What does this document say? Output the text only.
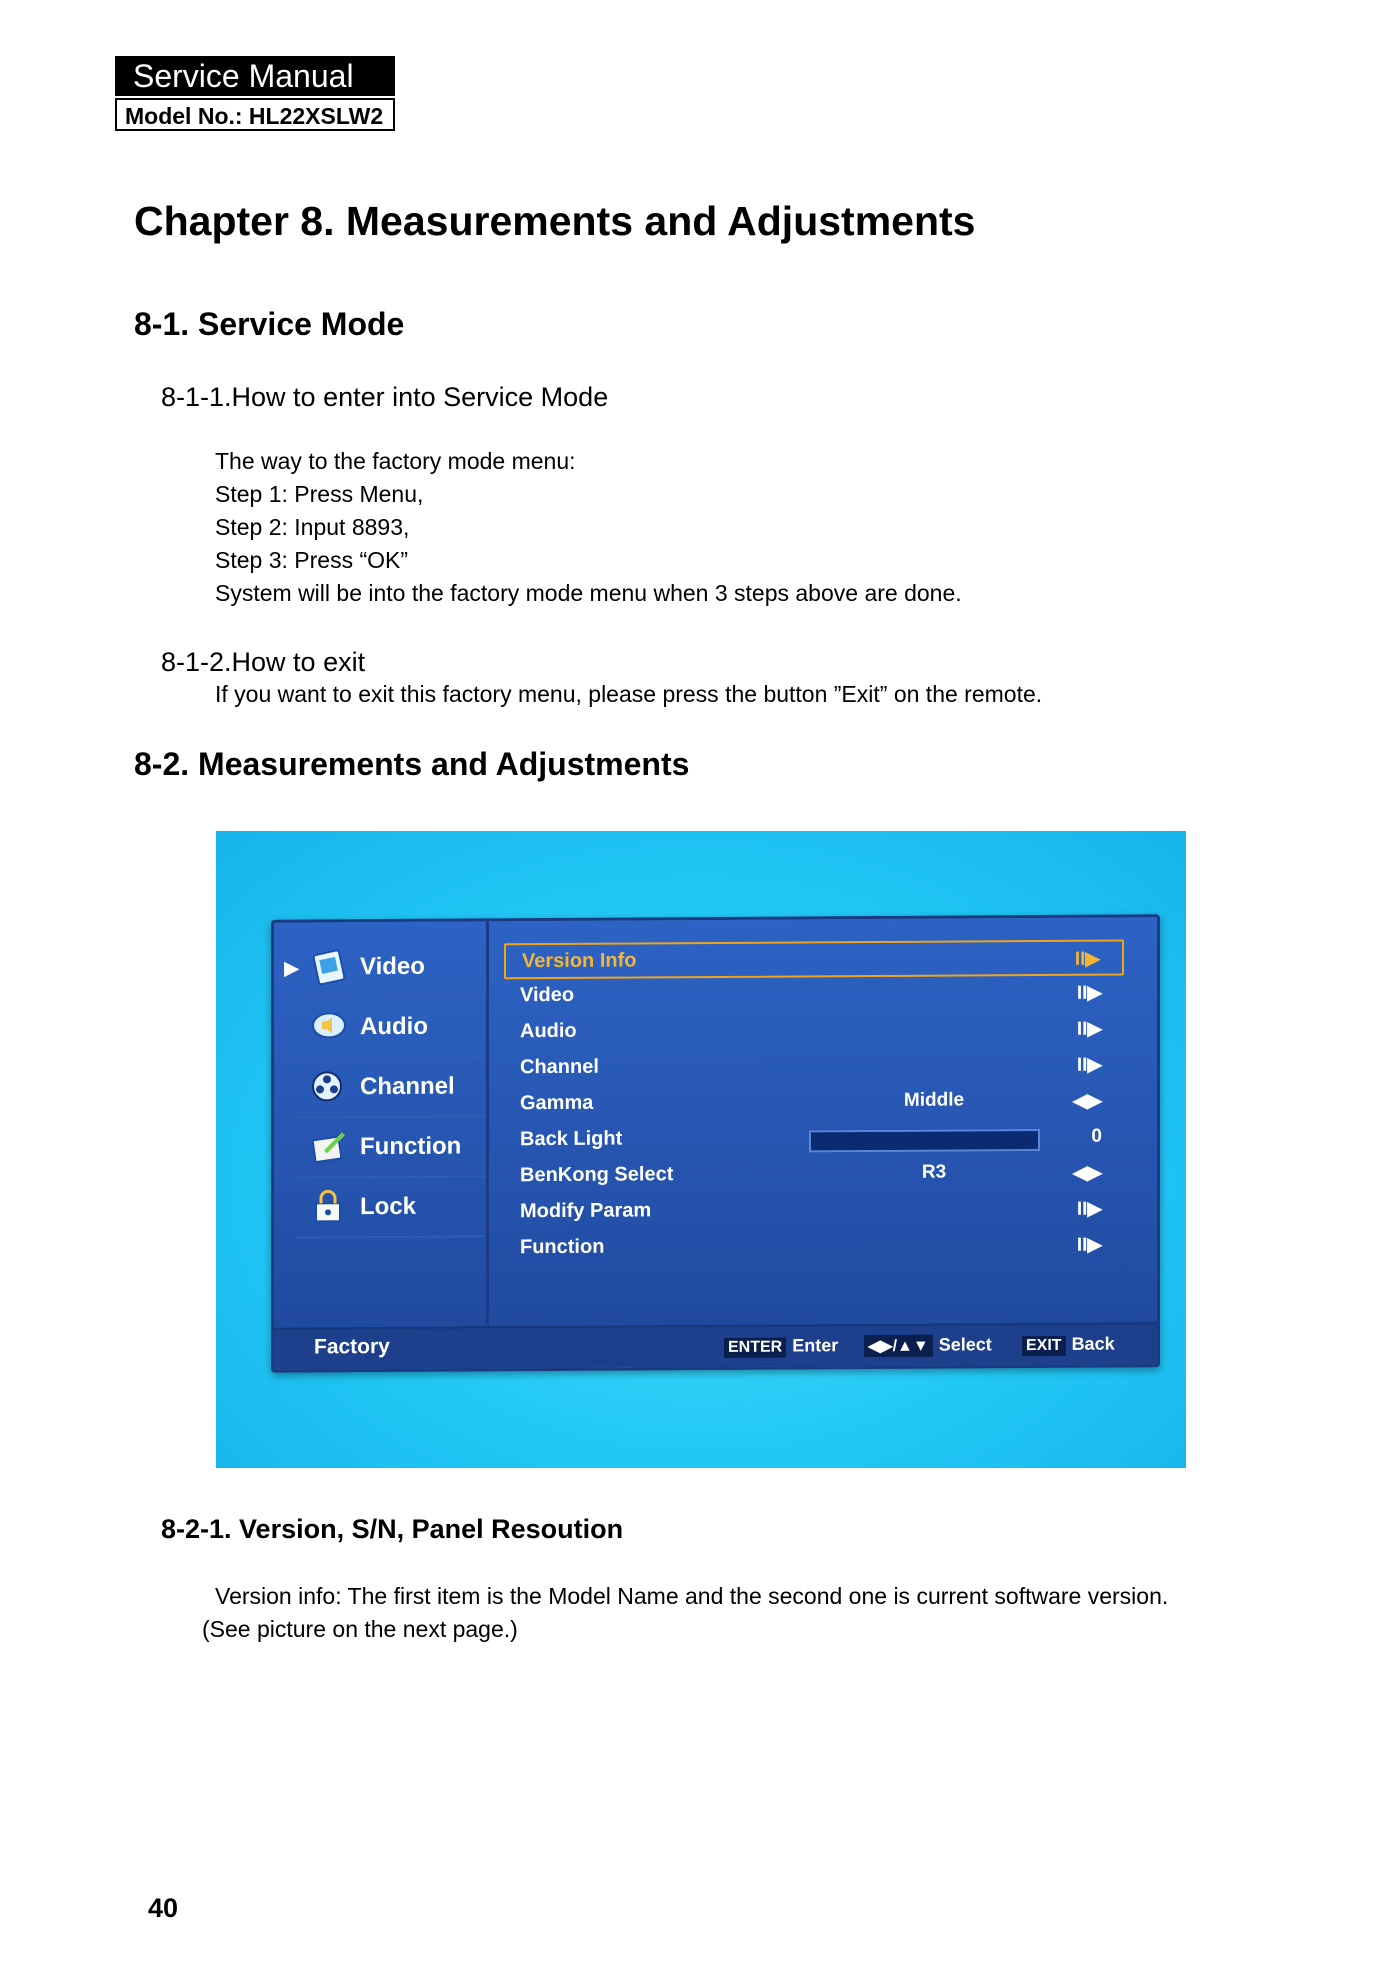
Service Manual
Model No.: HL22XSLW2
Chapter 8. Measurements and Adjustments
8-1. Service Mode
8-1-1.How to enter into Service Mode
The way to the factory mode menu:
Step 1: Press Menu,
Step 2: Input 8893,
Step 3: Press “OK”
System will be into the factory mode menu when 3 steps above are done.
8-1-2.How to exit
If you want to exit this factory menu, please press the button ”Exit” on the remote.
8-2. Measurements and Adjustments
▶	Video
Audio
Channel
Function
Lock
Version Info	II▶
Video	II▶
Audio	II▶
Channel	II▶
Gamma	Middle	◀▶
Back Light	0
BenKong Select	R3	◀▶
Modify Param	II▶
Function	II▶
Factory	ENTER Enter ◀▶/▲▼ Select EXIT Back
8-2-1. Version, S/N, Panel Resoution
Version info: The first item is the Model Name and the second one is current software version.
(See picture on the next page.)
40
